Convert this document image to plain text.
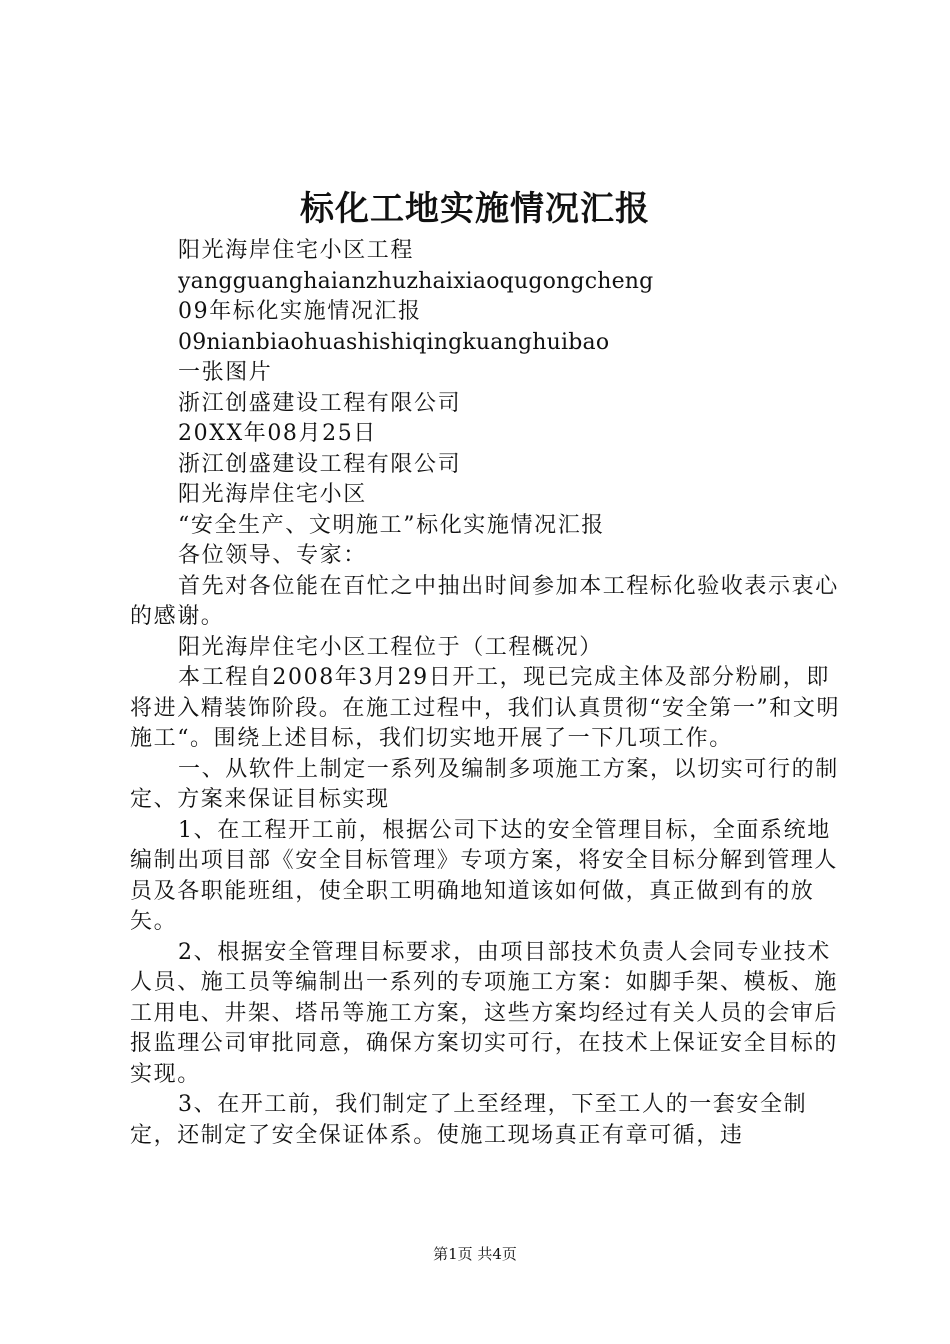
标化工地实施情况汇报

阳光海岸住宅小区工程

yangguanghaianzhuzhaixiaoqugongcheng

09年标化实施情况汇报

09nianbiaohuashishiqingkuanghuibao

一张图片

浙江创盛建设工程有限公司

20XX年08月25日

浙江创盛建设工程有限公司

阳光海岸住宅小区

“安全生产、文明施工”标化实施情况汇报

各位领导、专家：

首先对各位能在百忙之中抽出时间参加本工程标化验收表示衷心的感谢。

阳光海岸住宅小区工程位于（工程概况）

本工程自2008年3月29日开工，现已完成主体及部分粉刷，即将进入精装饰阶段。在施工过程中，我们认真贯彻“安全第一”和文明施工“。围绕上述目标，我们切实地开展了一下几项工作。

一、从软件上制定一系列及编制多项施工方案，以切实可行的制定、方案来保证目标实现

1、在工程开工前，根据公司下达的安全管理目标，全面系统地编制出项目部《安全目标管理》专项方案，将安全目标分解到管理人员及各职能班组，使全职工明确地知道该如何做，真正做到有的放矢。

2、根据安全管理目标要求，由项目部技术负责人会同专业技术人员、施工员等编制出一系列的专项施工方案：如脚手架、模板、施工用电、井架、塔吊等施工方案，这些方案均经过有关人员的会审后报监理公司审批同意，确保方案切实可行，在技术上保证安全目标的实现。

3、在开工前，我们制定了上至经理，下至工人的一套安全制定，还制定了安全保证体系。使施工现场真正有章可循，违

第1页 共4页
